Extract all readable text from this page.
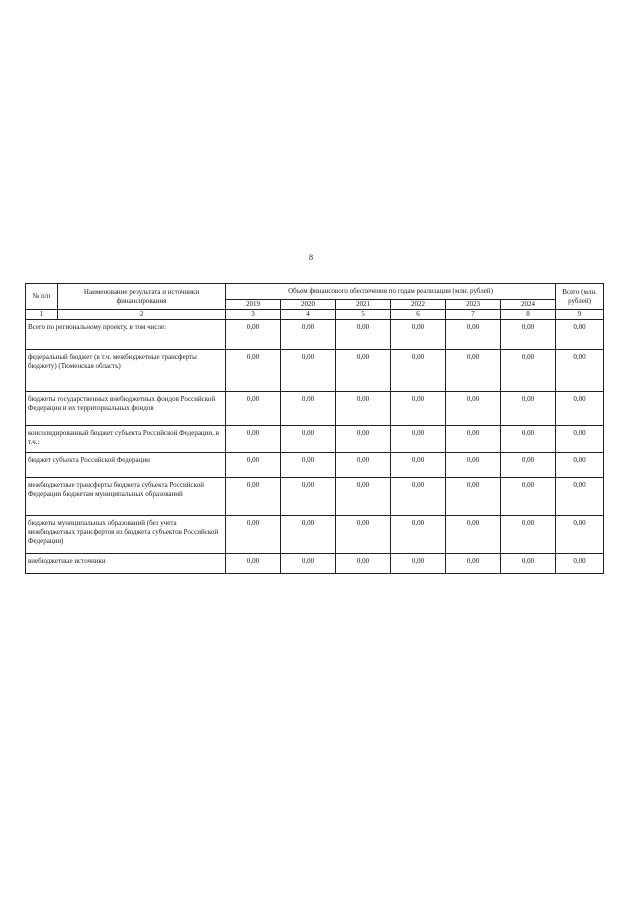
8
№ п/п	Наименование результата и источники финансирования	Объем финансового обеспечения по годам реализации (млн. рублей)						Всего (млн. рублей)
		2019	2020	2021	2022	2023	2024	
1	2	3	4	5	6	7	8	9
Всего по региональному проекту, в том числе:		0,00	0,00	0,00	0,00	0,00	0,00	0,00
федеральный бюджет (в т.ч. межбюджетные трансферты бюджету) (Тюменская область)		0,00	0,00	0,00	0,00	0,00	0,00	0,00
бюджеты государственных внебюджетных фондов Российской Федерации и их территориальных фондов		0,00	0,00	0,00	0,00	0,00	0,00	0,00
консолидированный бюджет субъекта Российской Федерации, в т.ч.:		0,00	0,00	0,00	0,00	0,00	0,00	0,00
бюджет субъекта Российской Федерации		0,00	0,00	0,00	0,00	0,00	0,00	0,00
межбюджетные трансферты бюджета субъекта Российской Федерации бюджетам муниципальных образований		0,00	0,00	0,00	0,00	0,00	0,00	0,00
бюджеты муниципальных образований (без учета межбюджетных трансфертов из бюджета субъектов Российской Федерации)		0,00	0,00	0,00	0,00	0,00	0,00	0,00
внебюджетные источники		0,00	0,00	0,00	0,00	0,00	0,00	0,00
